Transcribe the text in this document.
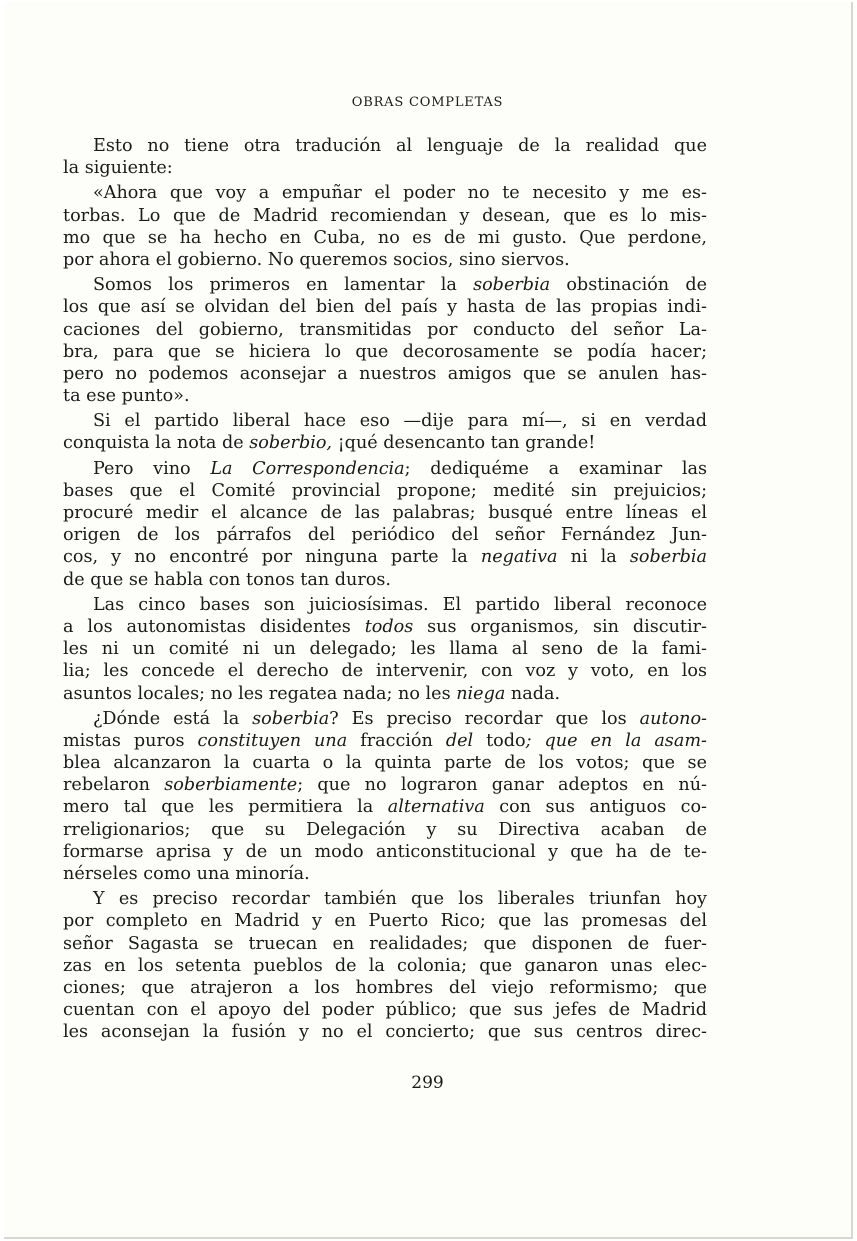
OBRAS COMPLETAS
Esto no tiene otra tradución al lenguaje de la realidad que
la siguiente:
«Ahora que voy a empuñar el poder no te necesito y me es-
torbas. Lo que de Madrid recomiendan y desean, que es lo mis-
mo que se ha hecho en Cuba, no es de mi gusto. Que perdone,
por ahora el gobierno. No queremos socios, sino siervos.
Somos los primeros en lamentar la soberbia obstinación de
los que así se olvidan del bien del país y hasta de las propias indi-
caciones del gobierno, transmitidas por conducto del señor La-
bra, para que se hiciera lo que decorosamente se podía hacer;
pero no podemos aconsejar a nuestros amigos que se anulen has-
ta ese punto».
Si el partido liberal hace eso —dije para mí—, si en verdad
conquista la nota de soberbio, ¡qué desencanto tan grande!
Pero vino La Correspondencia; dediquéme a examinar las
bases que el Comité provincial propone; medité sin prejuicios;
procuré medir el alcance de las palabras; busqué entre líneas el
origen de los párrafos del periódico del señor Fernández Jun-
cos, y no encontré por ninguna parte la negativa ni la soberbia
de que se habla con tonos tan duros.
Las cinco bases son juiciosísimas. El partido liberal reconoce
a los autonomistas disidentes todos sus organismos, sin discutir-
les ni un comité ni un delegado; les llama al seno de la fami-
lia; les concede el derecho de intervenir, con voz y voto, en los
asuntos locales; no les regatea nada; no les niega nada.
¿Dónde está la soberbia? Es preciso recordar que los autono-
mistas puros constituyen una fracción del todo; que en la asam-
blea alcanzaron la cuarta o la quinta parte de los votos; que se
rebelaron soberbiamente; que no lograron ganar adeptos en nú-
mero tal que les permitiera la alternativa con sus antiguos co-
rreligionarios; que su Delegación y su Directiva acaban de
formarse aprisa y de un modo anticonstitucional y que ha de te-
nérseles como una minoría.
Y es preciso recordar también que los liberales triunfan hoy
por completo en Madrid y en Puerto Rico; que las promesas del
señor Sagasta se truecan en realidades; que disponen de fuer-
zas en los setenta pueblos de la colonia; que ganaron unas elec-
ciones; que atrajeron a los hombres del viejo reformismo; que
cuentan con el apoyo del poder público; que sus jefes de Madrid
les aconsejan la fusión y no el concierto; que sus centros direc-
299
